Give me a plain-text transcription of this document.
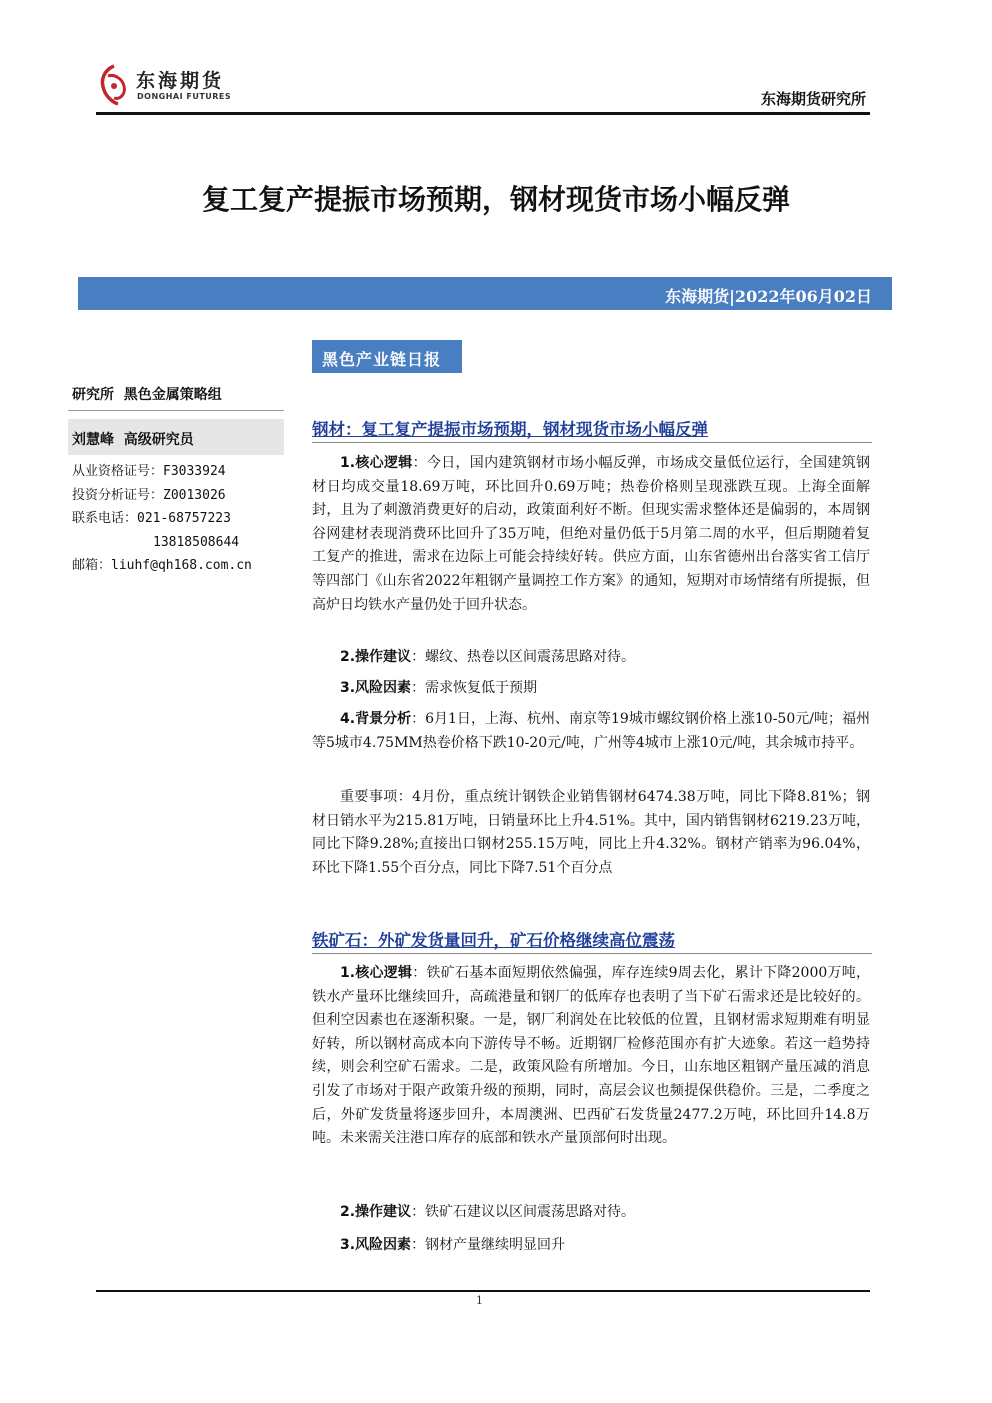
东海期货
DONGHAI FUTURES	东海期货研究所
复工复产提振市场预期，钢材现货市场小幅反弹
东海期货|2022年06月02日
黑色产业链日报
研究所  黑色金属策略组
刘慧峰  高级研究员
从业资格证号：F3033924
投资分析证号：Z0013026
联系电话：021-68757223
13818508644
邮箱：liuhf@qh168.com.cn
钢材：复工复产提振市场预期，钢材现货市场小幅反弹

1.核心逻辑：今日，国内建筑钢材市场小幅反弹，市场成交量低位运行，全国建筑钢材日均成交量18.69万吨，环比回升0.69万吨；热卷价格则呈现涨跌互现。上海全面解封，且为了刺激消费更好的启动，政策面利好不断。但现实需求整体还是偏弱的，本周钢谷网建材表现消费环比回升了35万吨，但绝对量仍低于5月第二周的水平，但后期随着复工复产的推进，需求在边际上可能会持续好转。供应方面，山东省德州出台落实省工信厅等四部门《山东省2022年粗钢产量调控工作方案》的通知，短期对市场情绪有所提振，但高炉日均铁水产量仍处于回升状态。

2.操作建议：螺纹、热卷以区间震荡思路对待。

3.风险因素：需求恢复低于预期

4.背景分析：6月1日，上海、杭州、南京等19城市螺纹钢价格上涨10-50元/吨；福州等5城市4.75MM热卷价格下跌10-20元/吨，广州等4城市上涨10元/吨，其余城市持平。

重要事项：4月份，重点统计钢铁企业销售钢材6474.38万吨，同比下降8.81%；钢材日销水平为215.81万吨，日销量环比上升4.51%。其中，国内销售钢材6219.23万吨，同比下降9.28%;直接出口钢材255.15万吨，同比上升4.32%。钢材产销率为96.04%，环比下降1.55个百分点，同比下降7.51个百分点

铁矿石：外矿发货量回升，矿石价格继续高位震荡

1.核心逻辑：铁矿石基本面短期依然偏强，库存连续9周去化，累计下降2000万吨，铁水产量环比继续回升，高疏港量和钢厂的低库存也表明了当下矿石需求还是比较好的。但利空因素也在逐渐积聚。一是，钢厂利润处在比较低的位置，且钢材需求短期难有明显好转，所以钢材高成本向下游传导不畅。近期钢厂检修范围亦有扩大迹象。若这一趋势持续，则会利空矿石需求。二是，政策风险有所增加。今日，山东地区粗钢产量压减的消息引发了市场对于限产政策升级的预期，同时，高层会议也频提保供稳价。三是，二季度之后，外矿发货量将逐步回升，本周澳洲、巴西矿石发货量2477.2万吨，环比回升14.8万吨。未来需关注港口库存的底部和铁水产量顶部何时出现。

2.操作建议：铁矿石建议以区间震荡思路对待。

3.风险因素：钢材产量继续明显回升

1
